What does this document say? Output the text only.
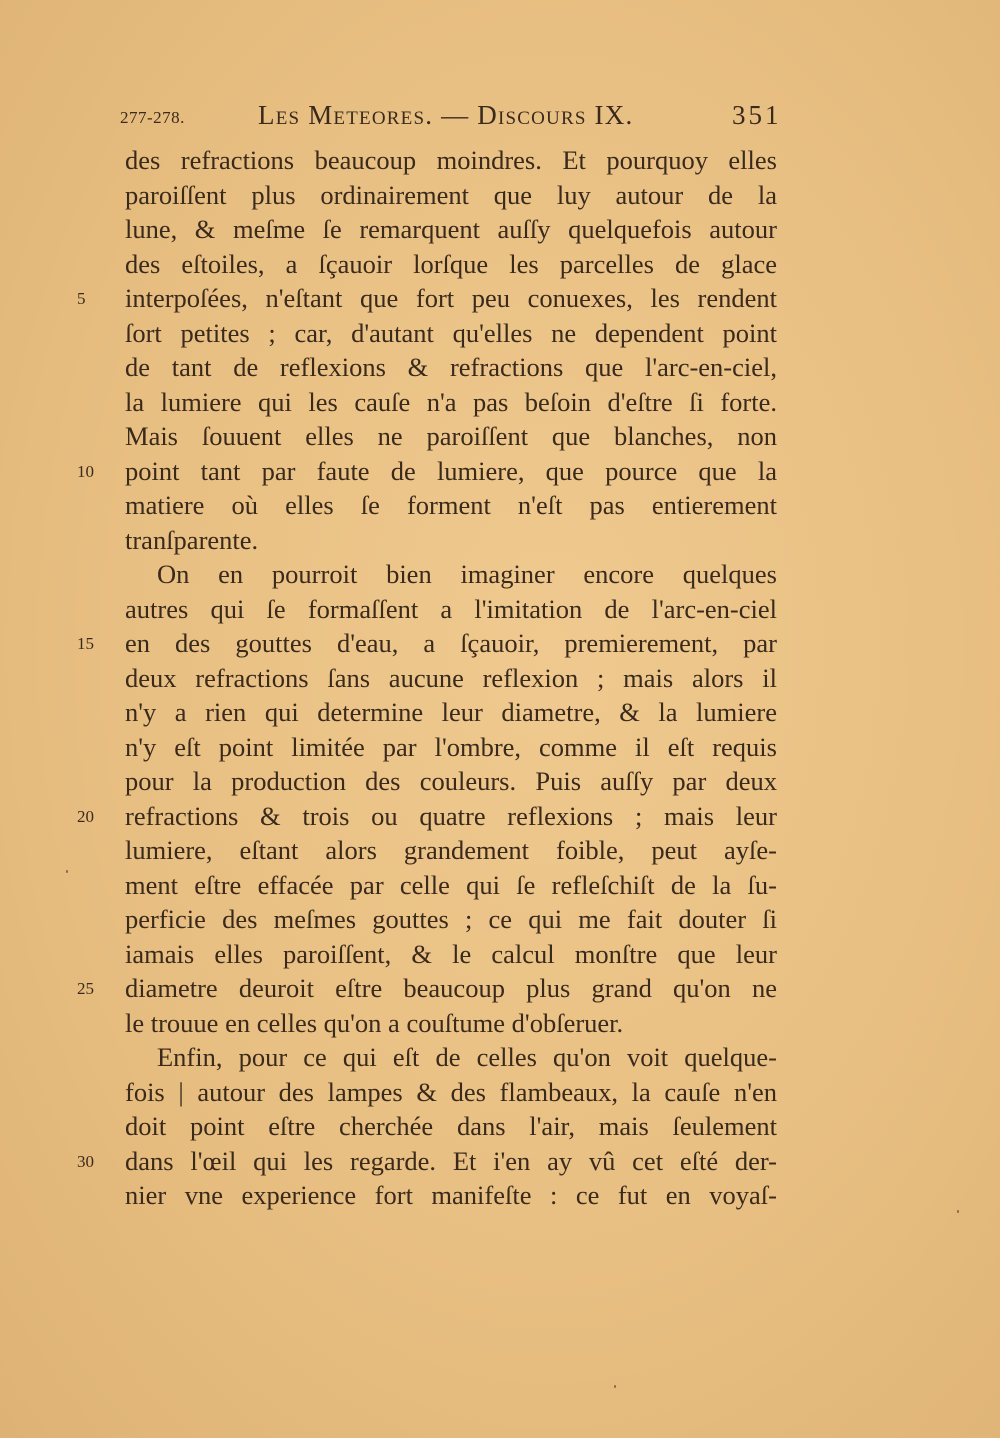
277-278.	Les Meteores. — Discours IX.	351
des refractions beaucoup moindres. Et pourquoy elles
paroiſſent plus ordinairement que luy autour de la
lune, & meſme ſe remarquent auſſy quelquefois autour
des eſtoiles, a ſçauoir lorſque les parcelles de glace
5	interpoſées, n'eſtant que fort peu conuexes, les rendent
ſort petites ; car, d'autant qu'elles ne dependent point
de tant de reflexions & refractions que l'arc-en-ciel,
la lumiere qui les cauſe n'a pas beſoin d'eſtre ſi forte.
Mais ſouuent elles ne paroiſſent que blanches, non
10 point tant par faute de lumiere, que pource que la
matiere où elles ſe forment n'eſt pas entierement
tranſparente.
On en pourroit bien imaginer encore quelques
autres qui ſe formaſſent a l'imitation de l'arc-en-ciel
15 en des gouttes d'eau, a ſçauoir, premierement, par
deux refractions ſans aucune reflexion ; mais alors il
n'y a rien qui determine leur diametre, & la lumiere
n'y eſt point limitée par l'ombre, comme il eſt requis
pour la production des couleurs. Puis auſſy par deux
20 refractions & trois ou quatre reflexions ; mais leur
lumiere, eſtant alors grandement foible, peut ayſe-
ment eſtre effacée par celle qui ſe refleſchiſt de la ſu-
perficie des meſmes gouttes ; ce qui me fait douter ſi
iamais elles paroiſſent, & le calcul monſtre que leur
25 diametre deuroit eſtre beaucoup plus grand qu'on ne
le trouue en celles qu'on a couſtume d'obſeruer.
Enfin, pour ce qui eſt de celles qu'on voit quelque-
fois | autour des lampes & des flambeaux, la cauſe n'en
doit point eſtre cherchée dans l'air, mais ſeulement
30 dans l'œil qui les regarde. Et i'en ay vû cet eſté der-
nier vne experience fort manifeſte : ce fut en voyaſ-
